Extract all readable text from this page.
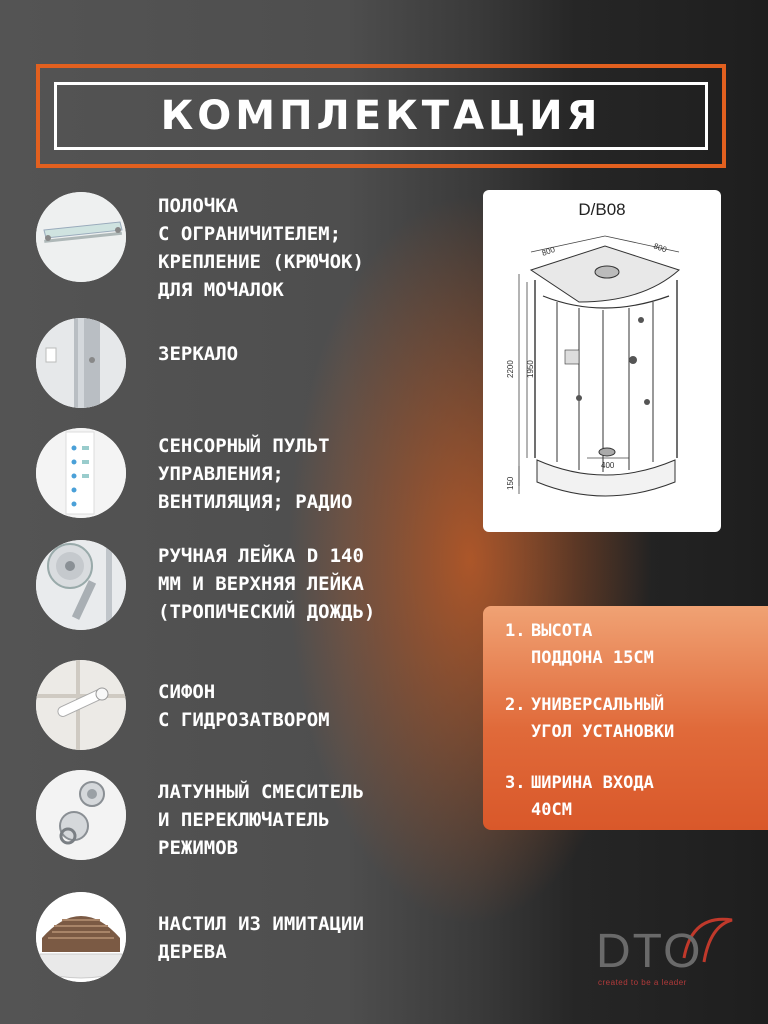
КОМПЛЕКТАЦИЯ
ПОЛОЧКА
С ОГРАНИЧИТЕЛЕМ;
КРЕПЛЕНИЕ (КРЮЧОК)
ДЛЯ МОЧАЛОК
ЗЕРКАЛО
СЕНСОРНЫЙ ПУЛЬТ
УПРАВЛЕНИЯ;
ВЕНТИЛЯЦИЯ; РАДИО
РУЧНАЯ ЛЕЙКА D 140
ММ И ВЕРХНЯЯ ЛЕЙКА
(ТРОПИЧЕСКИЙ ДОЖДЬ)
СИФОН
С ГИДРОЗАТВОРОМ
ЛАТУННЫЙ СМЕСИТЕЛЬ
И ПЕРЕКЛЮЧАТЕЛЬ
РЕЖИМОВ
НАСТИЛ ИЗ ИМИТАЦИИ
ДЕРЕВА
D/B08
800	800
2200 1950
400
150
1. ВЫСОТА
ПОДДОНА 15СМ
2. УНИВЕРСАЛЬНЫЙ
УГОЛ УСТАНОВКИ
3. ШИРИНА ВХОДА
40СМ
DTO
created to be a leader
